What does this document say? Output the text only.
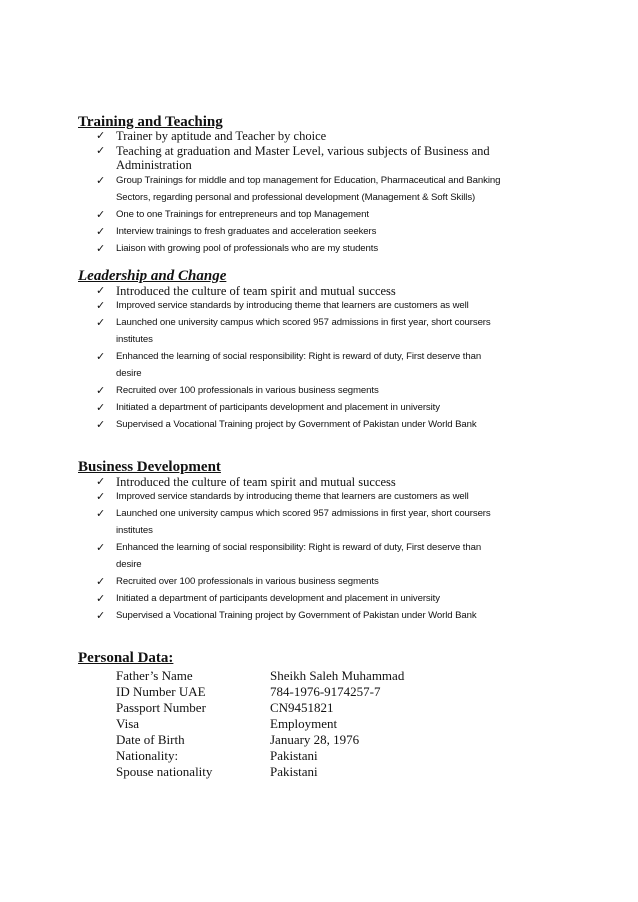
Training and Teaching
✓ Trainer by aptitude and Teacher by choice
✓ Teaching at graduation and Master Level, various subjects of Business and
Administration
✓ Group Trainings for middle and top management for Education, Pharmaceutical and Banking
Sectors, regarding personal and professional development (Management & Soft Skills)
✓ One to one Trainings for entrepreneurs and top Management
✓ Interview trainings to fresh graduates and acceleration seekers
✓ Liaison with growing pool of professionals who are my students
Leadership and Change
✓ Introduced the culture of team spirit and mutual success
✓ Improved service standards by introducing theme that learners are customers as well
✓ Launched one university campus which scored 957 admissions in first year, short coursers
institutes
✓ Enhanced the learning of social responsibility: Right is reward of duty, First deserve than
desire
✓ Recruited over 100 professionals in various business segments
✓ Initiated a department of participants development and placement in university
✓ Supervised a Vocational Training project by Government of Pakistan under World Bank
Business Development
✓ Introduced the culture of team spirit and mutual success
✓ Improved service standards by introducing theme that learners are customers as well
✓ Launched one university campus which scored 957 admissions in first year, short coursers
institutes
✓ Enhanced the learning of social responsibility: Right is reward of duty, First deserve than
desire
✓ Recruited over 100 professionals in various business segments
✓ Initiated a department of participants development and placement in university
✓ Supervised a Vocational Training project by Government of Pakistan under World Bank
Personal Data:
Father’s Name	Sheikh Saleh Muhammad
ID Number UAE	784-1976-9174257-7
Passport Number	CN9451821
Visa	Employment
Date of Birth	January 28, 1976
Nationality:	Pakistani
Spouse nationality	Pakistani
